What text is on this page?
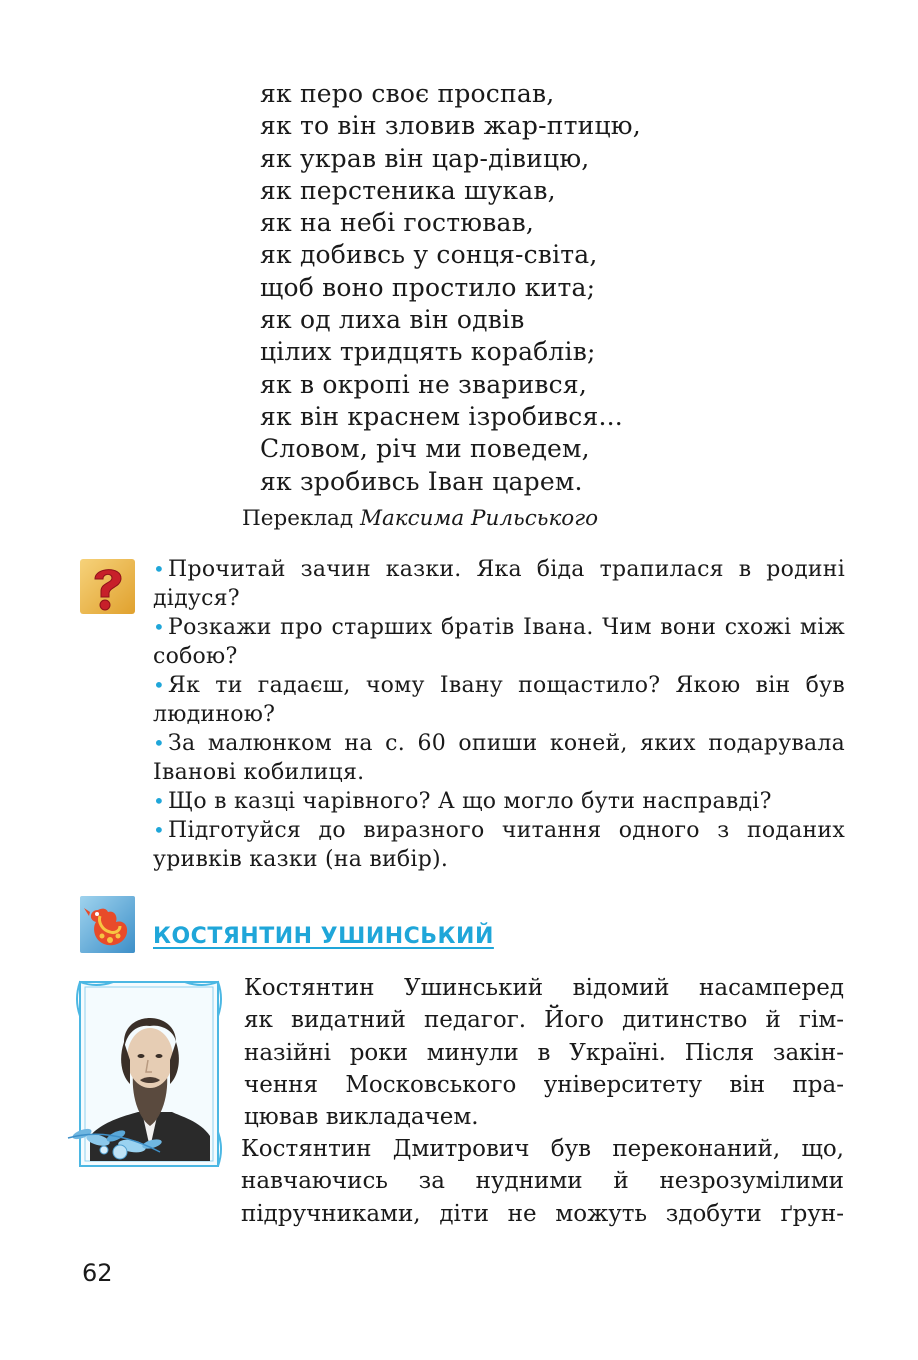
як перо своє проспав,
як то він зловив жар-птицю,
як украв він цар-дівицю,
як перстеника шукав,
як на небі гостював,
як добивсь у сонця-світа,
щоб воно простило кита;
як од лиха він одвів
цілих тридцять кораблів;
як в окропі не зварився,
як він краснем ізробився...
Словом, річ ми поведем,
як зробивсь Іван царем.
Переклад Максима Рильського
• Прочитай зачин казки. Яка біда трапилася в родині дідуся?
• Розкажи про старших братів Івана. Чим вони схожі між собою?
• Як ти гадаєш, чому Івану пощастило? Якою він був людиною?
• За малюнком на с. 60 опиши коней, яких подарувала Іванові кобилиця.
• Що в казці чарівного? А що могло бути насправді?
• Підготуйся до виразного читання одного з поданих уривків казки (на вибір).
КОСТЯНТИН УШИНСЬКИЙ
Костянтин Ушинський відомий насамперед
як видатний педагог. Його дитинство й гім-
назійні роки минули в Україні. Після закін-
чення Московського університету він пра-
цював викладачем.
Костянтин Дмитрович був переконаний, що,
навчаючись за нудними й незрозумілими
підручниками, діти не можуть здобути ґрун-
62
